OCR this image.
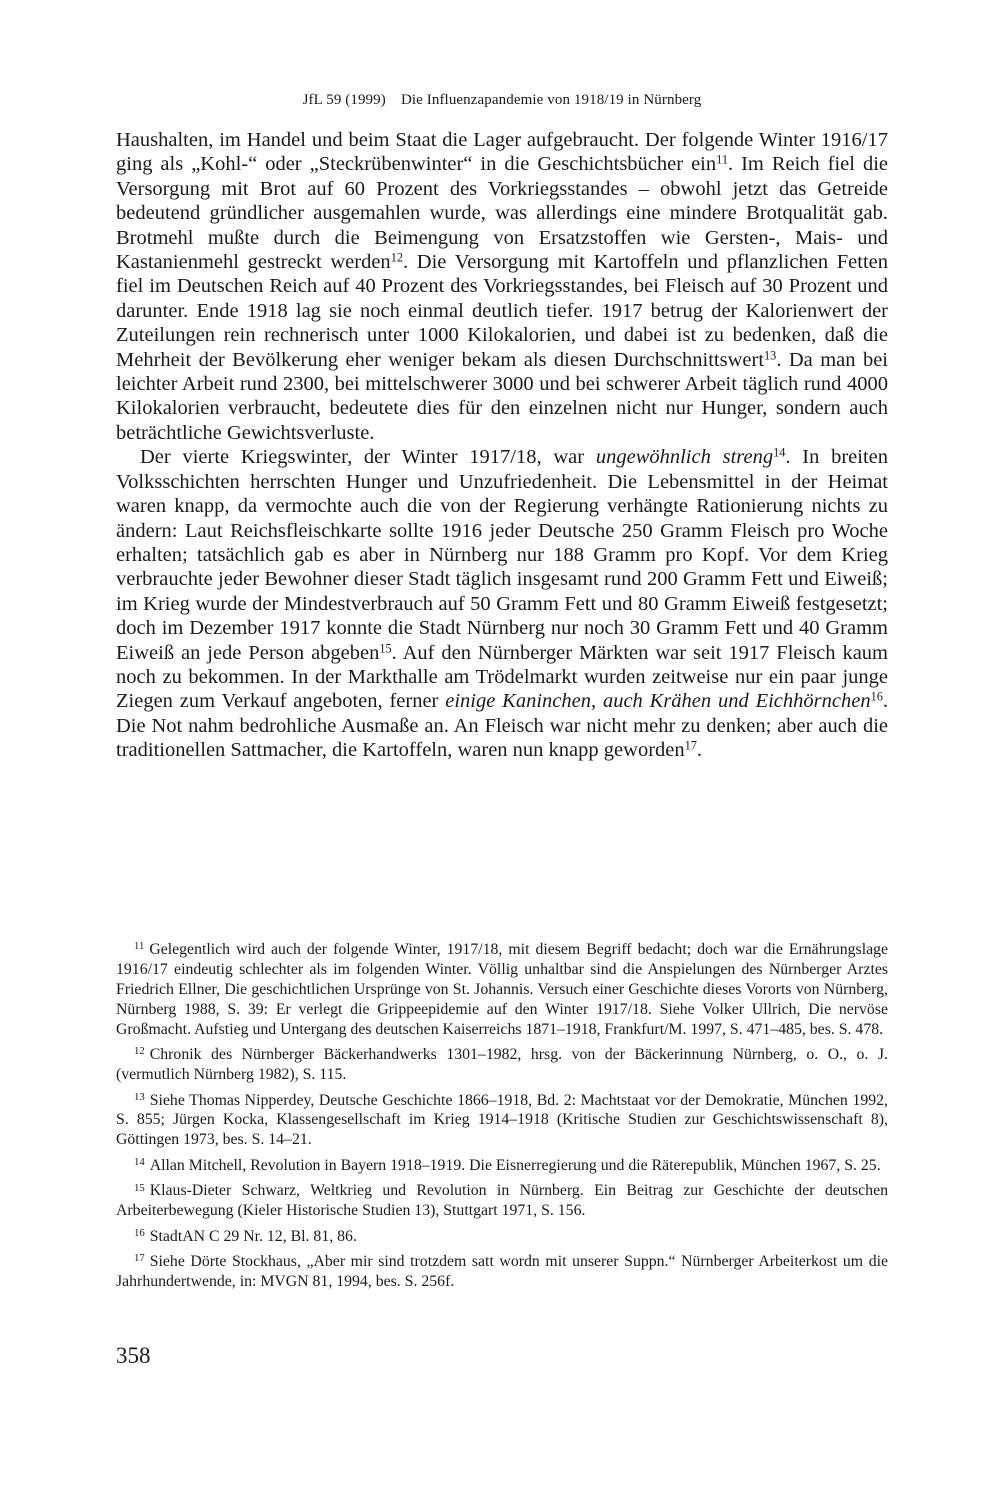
JfL 59 (1999) Die Influenzapandemie von 1918/19 in Nürnberg

Haushalten, im Handel und beim Staat die Lager aufgebraucht. Der folgende Winter 1916/17 ging als „Kohl-“ oder „Steckrübenwinter“ in die Geschichtsbücher ein$^{11}$. Im Reich fiel die Versorgung mit Brot auf 60 Prozent des Vorkriegsstandes – obwohl jetzt das Getreide bedeutend gründlicher ausgemahlen wurde, was allerdings eine mindere Brotqualität gab. Brotmehl mußte durch die Beimengung von Ersatzstoffen wie Gersten-, Mais- und Kastanienmehl gestreckt werden$^{12}$. Die Versorgung mit Kartoffeln und pflanzlichen Fetten fiel im Deutschen Reich auf 40 Prozent des Vorkriegsstandes, bei Fleisch auf 30 Prozent und darunter. Ende 1918 lag sie noch einmal deutlich tiefer. 1917 betrug der Kalorienwert der Zuteilungen rein rechnerisch unter 1000 Kilokalorien, und dabei ist zu bedenken, daß die Mehrheit der Bevölkerung eher weniger bekam als diesen Durchschnittswert$^{13}$. Da man bei leichter Arbeit rund 2300, bei mittelschwerer 3000 und bei schwerer Arbeit täglich rund 4000 Kilokalorien verbraucht, bedeutete dies für den einzelnen nicht nur Hunger, sondern auch beträchtliche Gewichtsverluste.

Der vierte Kriegswinter, der Winter 1917/18, war ungewöhnlich streng$^{14}$. In breiten Volksschichten herrschten Hunger und Unzufriedenheit. Die Lebensmittel in der Heimat waren knapp, da vermochte auch die von der Regierung verhängte Rationierung nichts zu ändern: Laut Reichsfleischkarte sollte 1916 jeder Deutsche 250 Gramm Fleisch pro Woche erhalten; tatsächlich gab es aber in Nürnberg nur 188 Gramm pro Kopf. Vor dem Krieg verbrauchte jeder Bewohner dieser Stadt täglich insgesamt rund 200 Gramm Fett und Eiweiß; im Krieg wurde der Mindestverbrauch auf 50 Gramm Fett und 80 Gramm Eiweiß festgesetzt; doch im Dezember 1917 konnte die Stadt Nürnberg nur noch 30 Gramm Fett und 40 Gramm Eiweiß an jede Person abgeben$^{15}$. Auf den Nürnberger Märkten war seit 1917 Fleisch kaum noch zu bekommen. In der Markthalle am Trödelmarkt wurden zeitweise nur ein paar junge Ziegen zum Verkauf angeboten, ferner einige Kaninchen, auch Krähen und Eichhörnchen$^{16}$. Die Not nahm bedrohliche Ausmaße an. An Fleisch war nicht mehr zu denken; aber auch die traditionellen Sattmacher, die Kartoffeln, waren nun knapp geworden$^{17}$.

$^{11}$ Gelegentlich wird auch der folgende Winter, 1917/18, mit diesem Begriff bedacht; doch war die Ernährungslage 1916/17 eindeutig schlechter als im folgenden Winter. Völlig unhaltbar sind die Anspielungen des Nürnberger Arztes Friedrich Ellner, Die geschichtlichen Ursprünge von St. Johannis. Versuch einer Geschichte dieses Vororts von Nürnberg, Nürnberg 1988, S. 39: Er verlegt die Grippeepidemie auf den Winter 1917/18. Siehe Volker Ullrich, Die nervöse Großmacht. Aufstieg und Untergang des deutschen Kaiserreichs 1871–1918, Frankfurt/M. 1997, S. 471–485, bes. S. 478.

$^{12}$ Chronik des Nürnberger Bäckerhandwerks 1301–1982, hrsg. von der Bäckerinnung Nürnberg, o. O., o. J. (vermutlich Nürnberg 1982), S. 115.

$^{13}$ Siehe Thomas Nipperdey, Deutsche Geschichte 1866–1918, Bd. 2: Machtstaat vor der Demokratie, München 1992, S. 855; Jürgen Kocka, Klassengesellschaft im Krieg 1914–1918 (Kritische Studien zur Geschichtswissenschaft 8), Göttingen 1973, bes. S. 14–21.

$^{14}$ Allan Mitchell, Revolution in Bayern 1918–1919. Die Eisnerregierung und die Räterepublik, München 1967, S. 25.

$^{15}$ Klaus-Dieter Schwarz, Weltkrieg und Revolution in Nürnberg. Ein Beitrag zur Geschichte der deutschen Arbeiterbewegung (Kieler Historische Studien 13), Stuttgart 1971, S. 156.

$^{16}$ StadtAN C 29 Nr. 12, Bl. 81, 86.

$^{17}$ Siehe Dörte Stockhaus, „Aber mir sind trotzdem satt wordn mit unserer Suppn.“ Nürnberger Arbeiterkost um die Jahrhundertwende, in: MVGN 81, 1994, bes. S. 256f.

358
